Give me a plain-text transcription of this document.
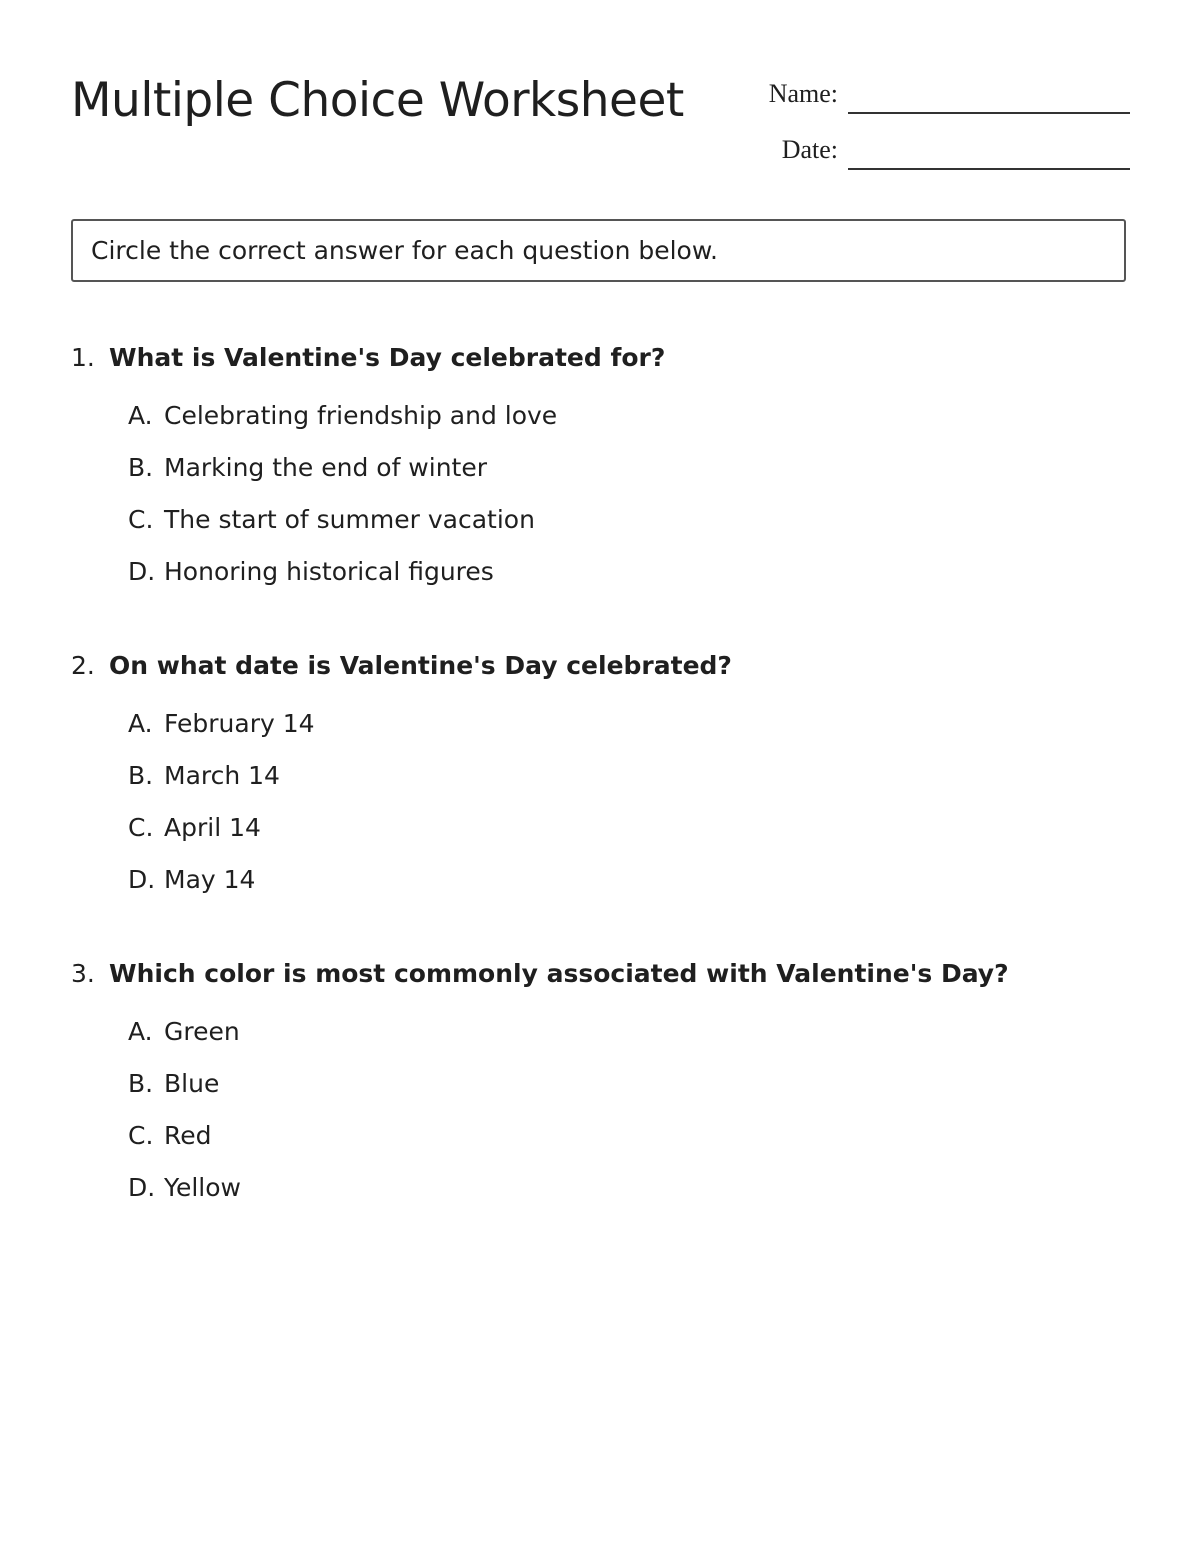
Multiple Choice Worksheet	Name:
Date:
Circle the correct answer for each question below.
1. What is Valentine's Day celebrated for?
A. Celebrating friendship and love
B. Marking the end of winter
C. The start of summer vacation
D. Honoring historical figures
2. On what date is Valentine's Day celebrated?
A. February 14
B. March 14
C. April 14
D. May 14
3. Which color is most commonly associated with Valentine's Day?
A. Green
B. Blue
C. Red
D. Yellow
